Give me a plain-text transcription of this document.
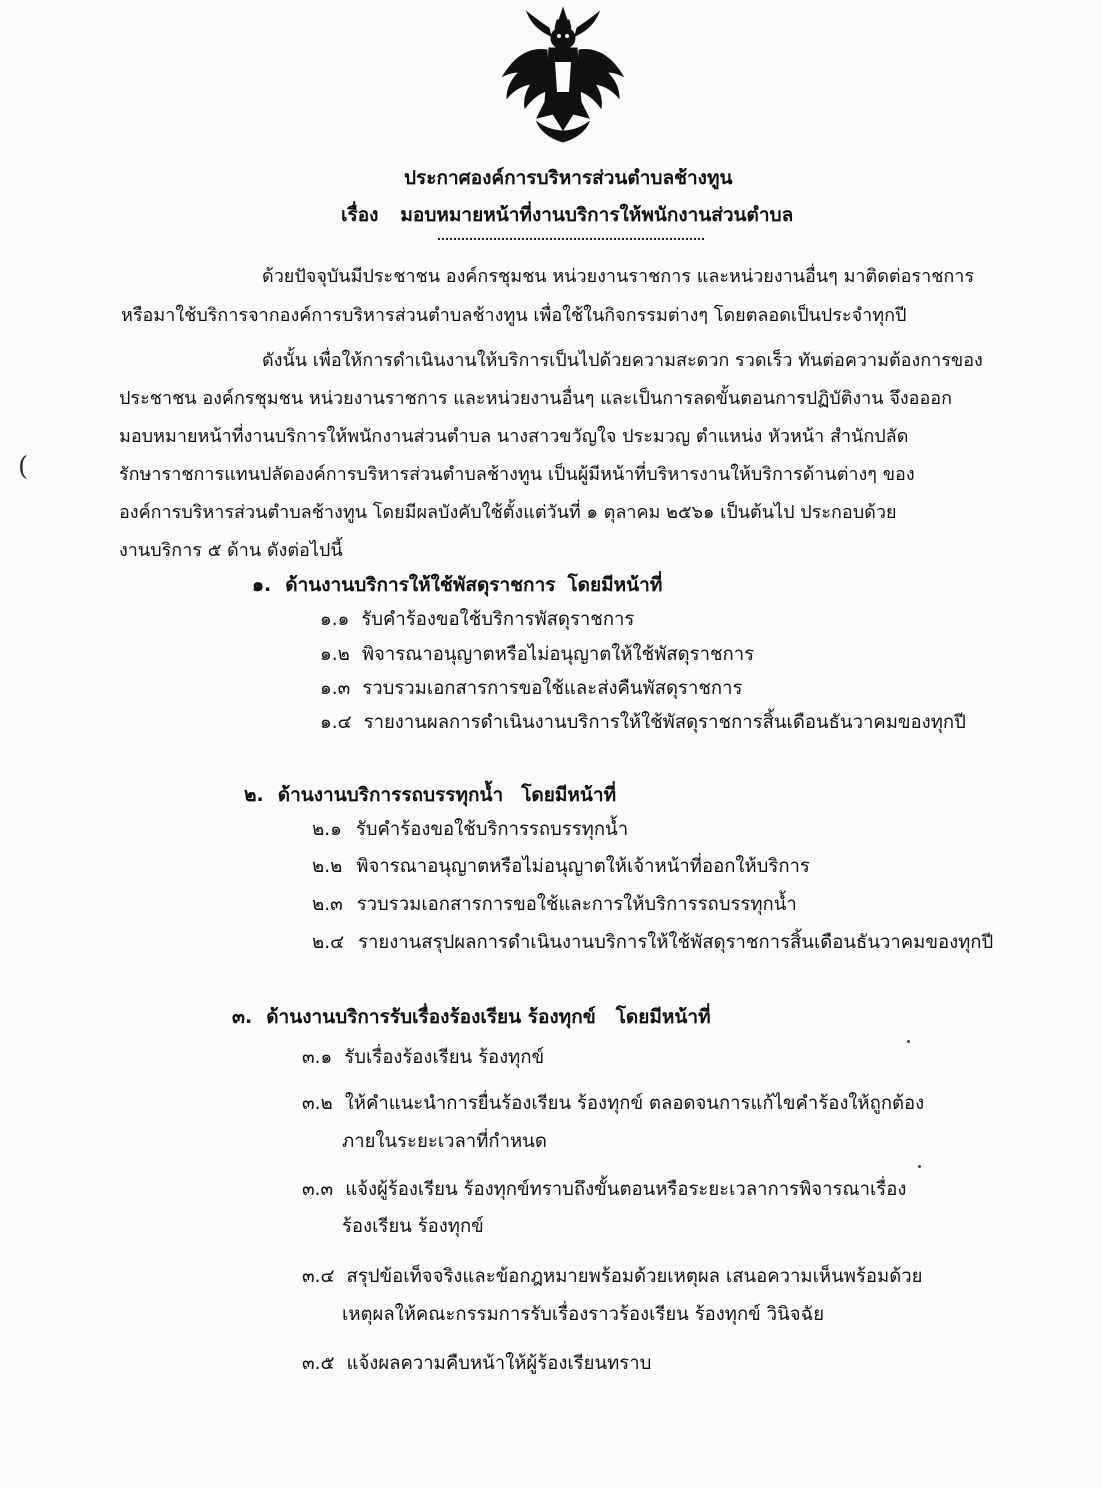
ประกาศองค์การบริหารส่วนตำบลช้างทูน
เรื่อง มอบหมายหน้าที่งานบริการให้พนักงานส่วนตำบล
ด้วยปัจจุบันมีประชาชน องค์กรชุมชน หน่วยงานราชการ และหน่วยงานอื่นๆ มาติดต่อราชการ
หรือมาใช้บริการจากองค์การบริหารส่วนตำบลช้างทูน เพื่อใช้ในกิจกรรมต่างๆ โดยตลอดเป็นประจำทุกปี
ดังนั้น เพื่อให้การดำเนินงานให้บริการเป็นไปด้วยความสะดวก รวดเร็ว ทันต่อความต้องการของ
ประชาชน องค์กรชุมชน หน่วยงานราชการ และหน่วยงานอื่นๆ และเป็นการลดขั้นตอนการปฏิบัติงาน จึงอออก
มอบหมายหน้าที่งานบริการให้พนักงานส่วนตำบล นางสาวขวัญใจ ประมวญ ตำแหน่ง หัวหน้า สำนักปลัด
รักษาราชการแทนปลัดองค์การบริหารส่วนตำบลช้างทูน เป็นผู้มีหน้าที่บริหารงานให้บริการด้านต่างๆ ของ
องค์การบริหารส่วนตำบลช้างทูน โดยมีผลบังคับใช้ตั้งแต่วันที่ ๑ ตุลาคม ๒๕๖๑ เป็นต้นไป ประกอบด้วย
งานบริการ ๕ ด้าน ดังต่อไปนี้
๑. ด้านงานบริการให้ใช้พัสดุราชการ โดยมีหน้าที่
๑.๑ รับคำร้องขอใช้บริการพัสดุราชการ
๑.๒ พิจารณาอนุญาตหรือไม่อนุญาตให้ใช้พัสดุราชการ
๑.๓ รวบรวมเอกสารการขอใช้และส่งคืนพัสดุราชการ
๑.๔ รายงานผลการดำเนินงานบริการให้ใช้พัสดุราชการสิ้นเดือนธันวาคมของทุกปี
๒. ด้านงานบริการรถบรรทุกน้ำ โดยมีหน้าที่
๒.๑ รับคำร้องขอใช้บริการรถบรรทุกน้ำ
๒.๒ พิจารณาอนุญาตหรือไม่อนุญาตให้เจ้าหน้าที่ออกให้บริการ
๒.๓ รวบรวมเอกสารการขอใช้และการให้บริการรถบรรทุกน้ำ
๒.๔ รายงานสรุปผลการดำเนินงานบริการให้ใช้พัสดุราชการสิ้นเดือนธันวาคมของทุกปี
๓. ด้านงานบริการรับเรื่องร้องเรียน ร้องทุกข์ โดยมีหน้าที่
๓.๑ รับเรื่องร้องเรียน ร้องทุกข์
๓.๒ ให้คำแนะนำการยื่นร้องเรียน ร้องทุกข์ ตลอดจนการแก้ไขคำร้องให้ถูกต้อง
ภายในระยะเวลาที่กำหนด
๓.๓ แจ้งผู้ร้องเรียน ร้องทุกข์ทราบถึงขั้นตอนหรือระยะเวลาการพิจารณาเรื่อง
ร้องเรียน ร้องทุกข์
๓.๔ สรุปข้อเท็จจริงและข้อกฎหมายพร้อมด้วยเหตุผล เสนอความเห็นพร้อมด้วย
เหตุผลให้คณะกรรมการรับเรื่องราวร้องเรียน ร้องทุกข์ วินิจฉัย
๓.๕ แจ้งผลความคืบหน้าให้ผู้ร้องเรียนทราบ
(
